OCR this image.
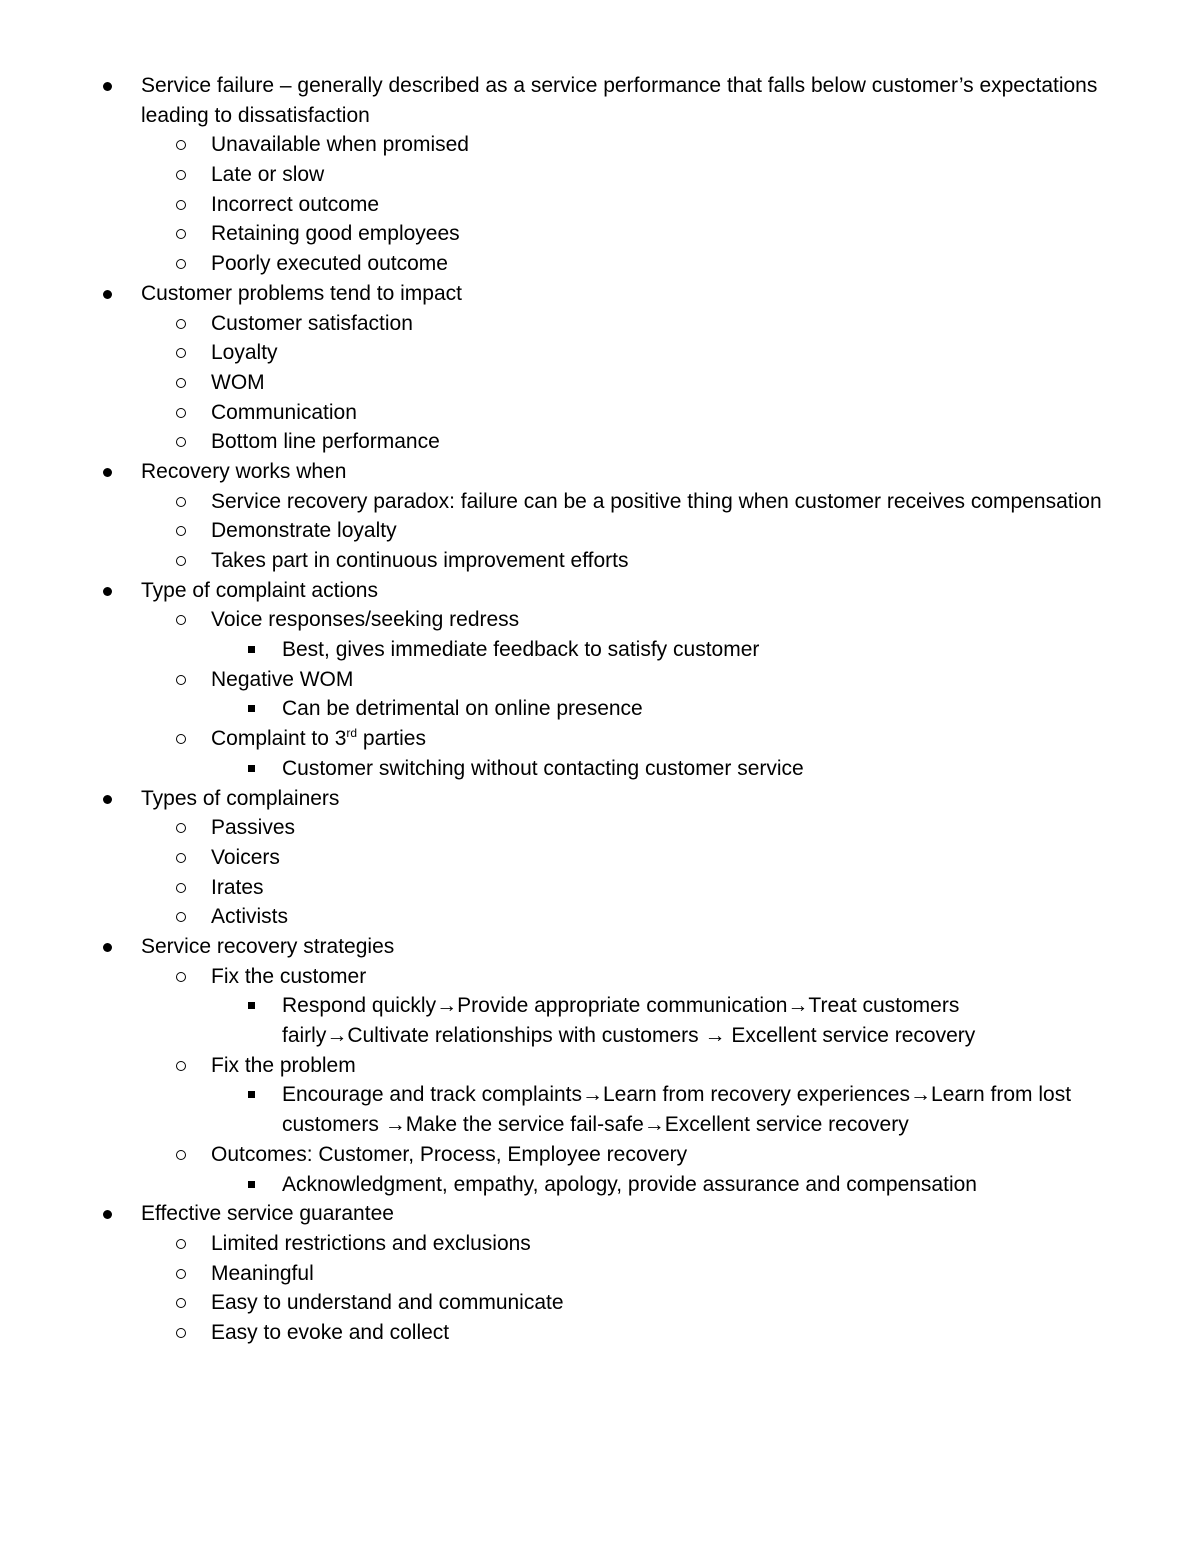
Service failure – generally described as a service performance that falls below customer’s expectations leading to dissatisfaction
Unavailable when promised
Late or slow
Incorrect outcome
Retaining good employees
Poorly executed outcome
Customer problems tend to impact
Customer satisfaction
Loyalty
WOM
Communication
Bottom line performance
Recovery works when
Service recovery paradox: failure can be a positive thing when customer receives compensation
Demonstrate loyalty
Takes part in continuous improvement efforts
Type of complaint actions
Voice responses/seeking redress
Best, gives immediate feedback to satisfy customer
Negative WOM
Can be detrimental on online presence
Complaint to 3rd parties
Customer switching without contacting customer service
Types of complainers
Passives
Voicers
Irates
Activists
Service recovery strategies
Fix the customer
Respond quickly→Provide appropriate communication→Treat customers fairly→Cultivate relationships with customers → Excellent service recovery
Fix the problem
Encourage and track complaints→Learn from recovery experiences→Learn from lost customers →Make the service fail-safe→Excellent service recovery
Outcomes: Customer, Process, Employee recovery
Acknowledgment, empathy, apology, provide assurance and compensation
Effective service guarantee
Limited restrictions and exclusions
Meaningful
Easy to understand and communicate
Easy to evoke and collect
